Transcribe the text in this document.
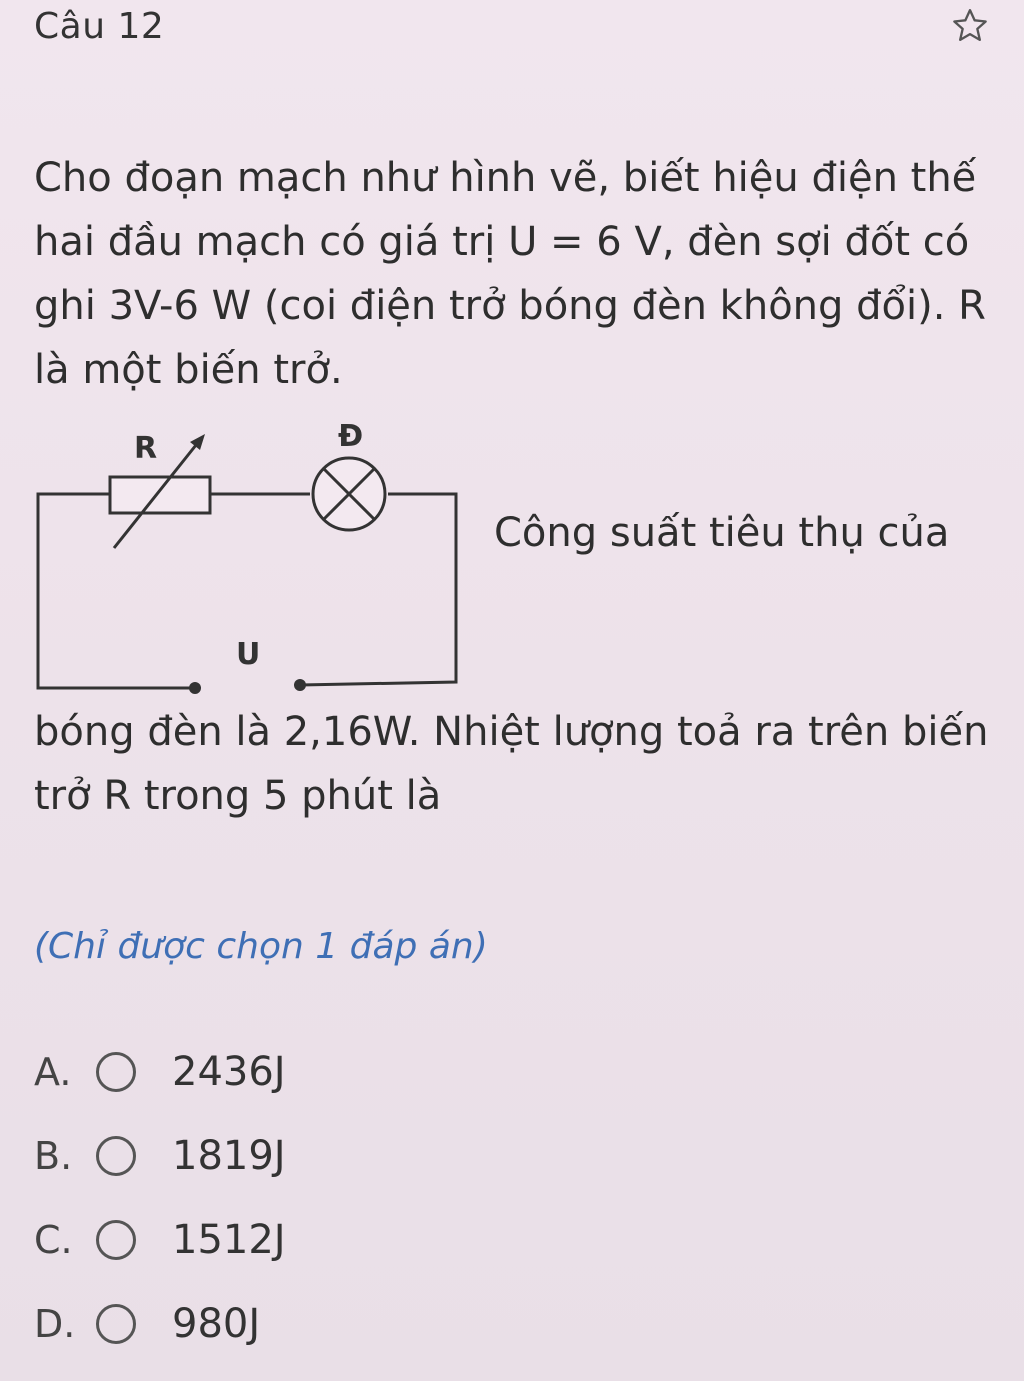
Câu 12

Cho đoạn mạch như hình vẽ, biết hiệu điện thế hai đầu mạch có giá trị U = 6 V, đèn sợi đốt có ghi 3V-6 W (coi điện trở bóng đèn không đổi). R là một biến trở.

R	Đ
U
Công suất tiêu thụ của

bóng đèn là 2,16W. Nhiệt lượng toả ra trên biến trở R trong 5 phút là

(Chỉ được chọn 1 đáp án)
A.	2436J
B.	1819J
C.	1512J
D.	980J
